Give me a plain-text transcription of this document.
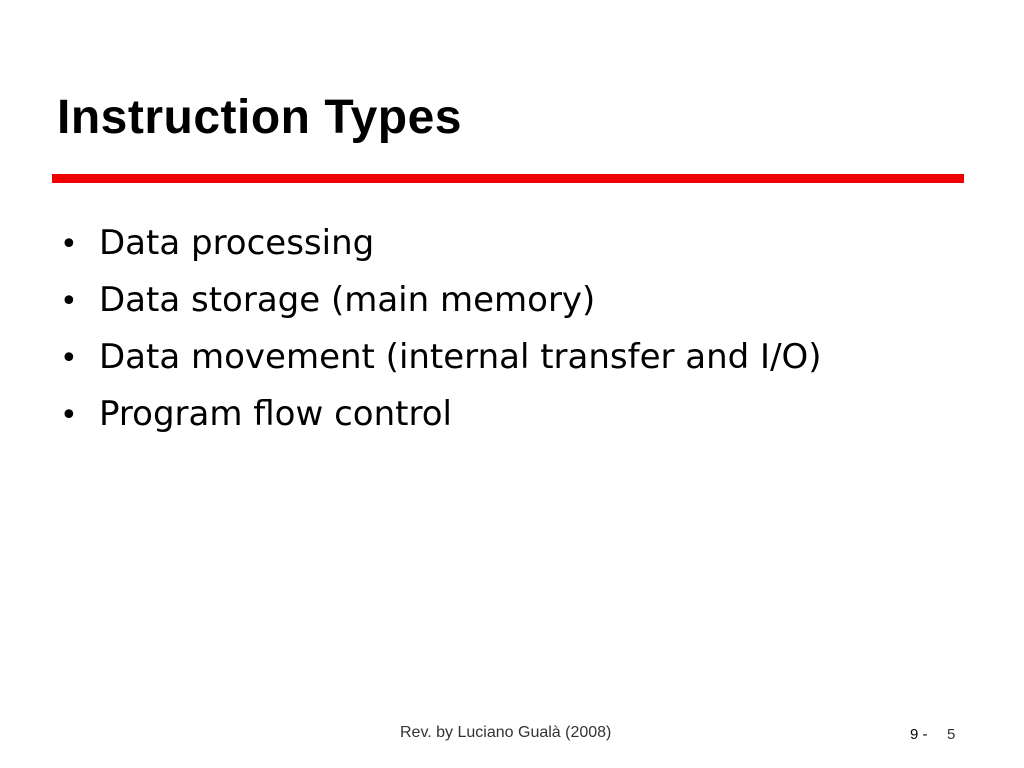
Instruction Types
• Data processing
• Data storage (main memory)
• Data movement (internal transfer and I/O)
• Program flow control
Rev. by Luciano Gualà (2008)	9 - 5
